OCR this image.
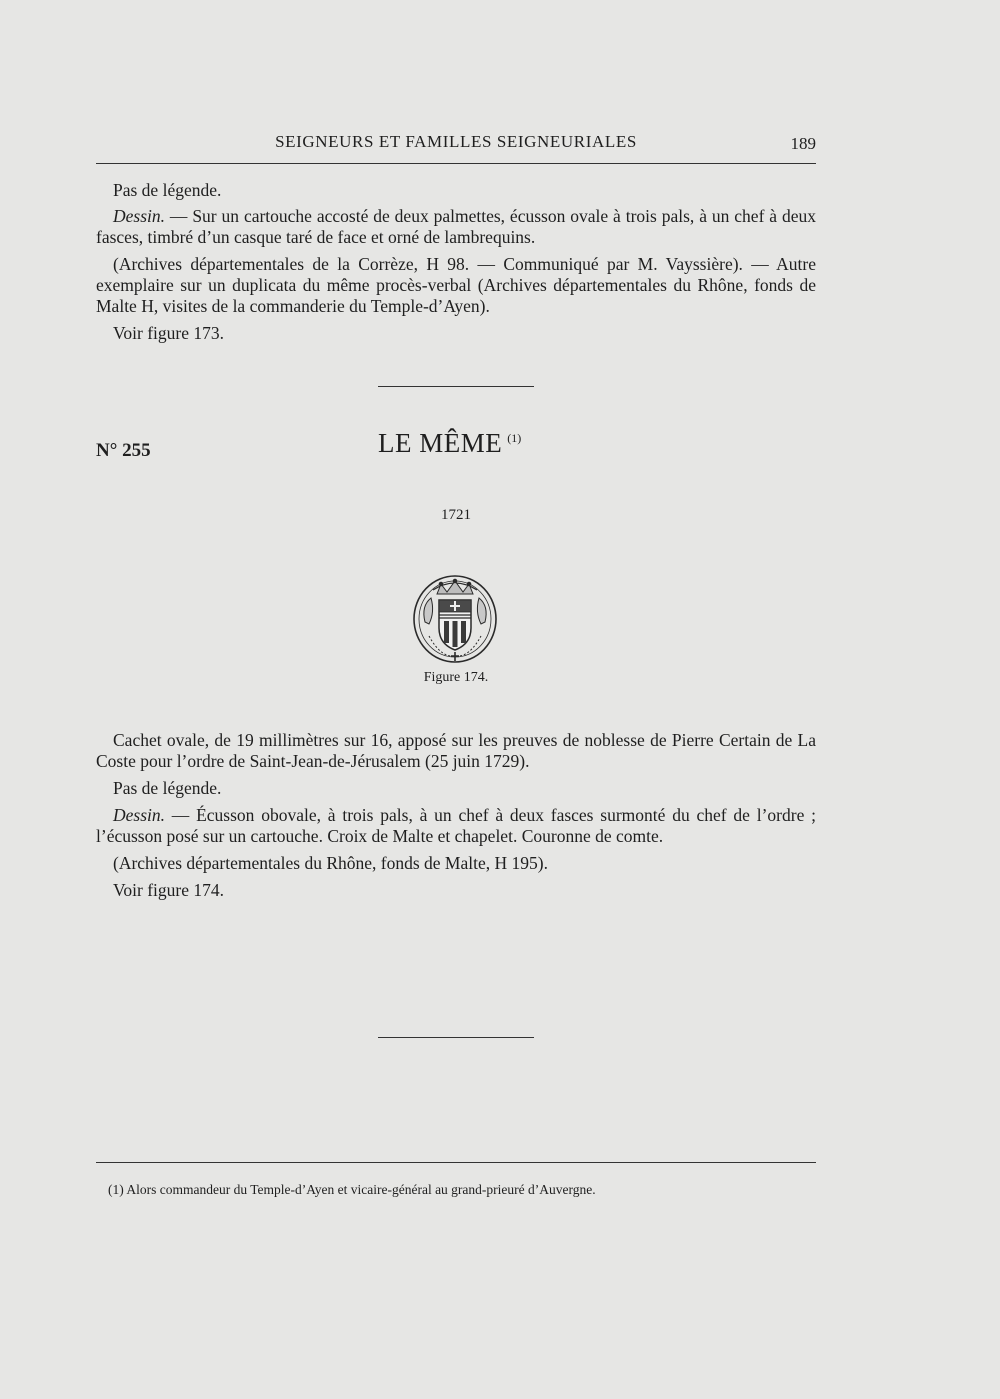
SEIGNEURS ET FAMILLES SEIGNEURIALES	189

Pas de légende.

Dessin. — Sur un cartouche accosté de deux palmettes, écusson ovale à trois pals, à un chef à deux fasces, timbré d’un casque taré de face et orné de lambrequins.

(Archives départementales de la Corrèze, H 98. — Communiqué par M. Vayssière). — Autre exemplaire sur un duplicata du même procès-verbal (Archives départementales du Rhône, fonds de Malte H, visites de la commanderie du Temple-d’Ayen).

Voir figure 173.

N° 255	LE MÊME $^{(1)}$
1721
Figure 174.

Cachet ovale, de 19 millimètres sur 16, apposé sur les preuves de noblesse de Pierre Certain de La Coste pour l’ordre de Saint-Jean-de-Jérusalem (25 juin 1729).

Pas de légende.

Dessin. — Écusson obovale, à trois pals, à un chef à deux fasces surmonté du chef de l’ordre ; l’écusson posé sur un cartouche. Croix de Malte et chapelet. Couronne de comte.

(Archives départementales du Rhône, fonds de Malte, H 195).

Voir figure 174.

(1) Alors commandeur du Temple-d’Ayen et vicaire-général au grand-prieuré d’Auvergne.
